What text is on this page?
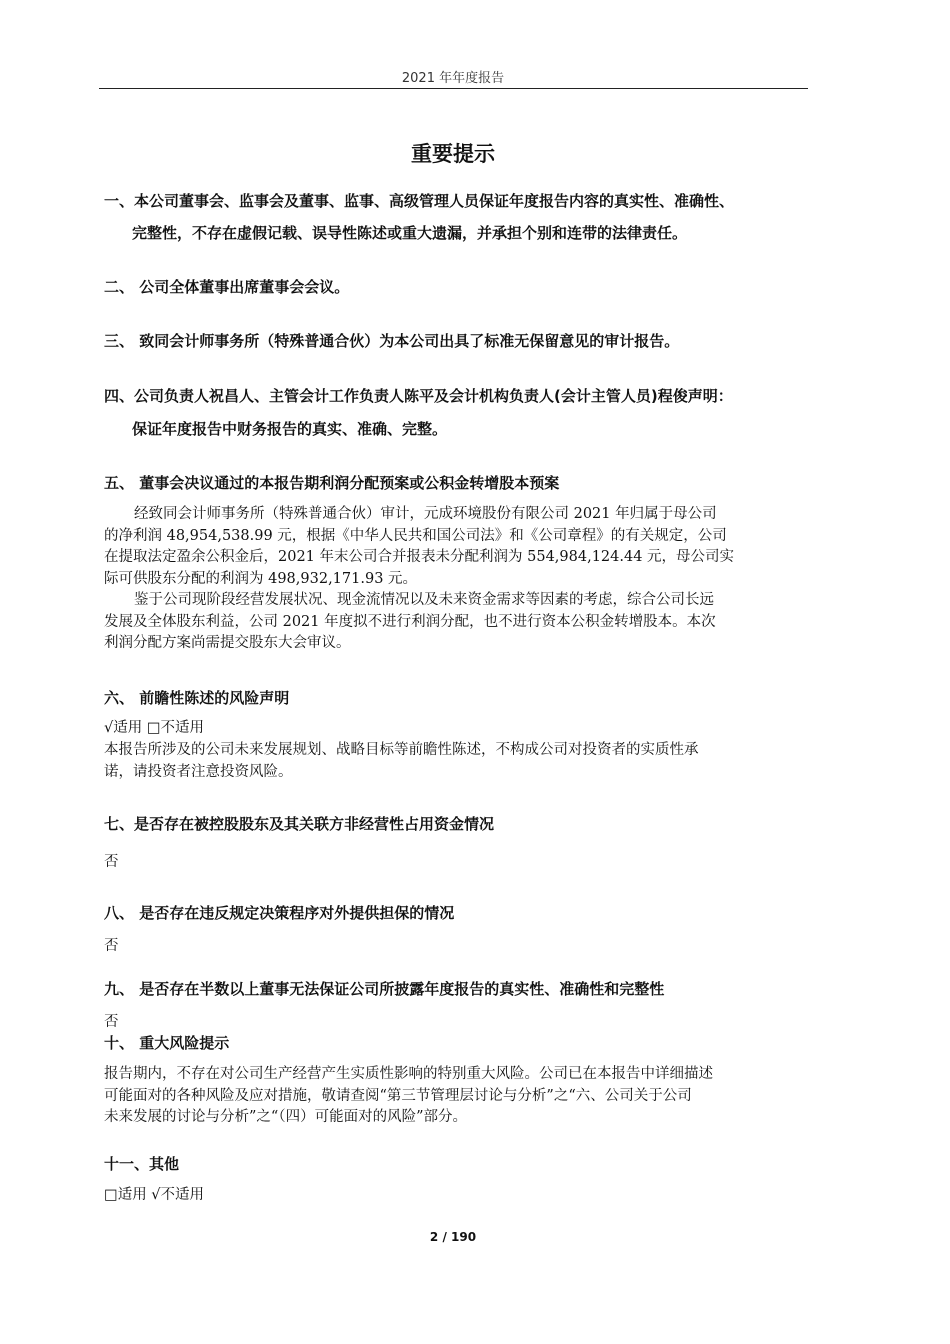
2021 年年度报告
重要提示
一、本公司董事会、监事会及董事、监事、高级管理人员保证年度报告内容的真实性、准确性、
完整性，不存在虚假记载、误导性陈述或重大遗漏，并承担个别和连带的法律责任。
二、 公司全体董事出席董事会会议。
三、 致同会计师事务所（特殊普通合伙）为本公司出具了标准无保留意见的审计报告。
四、公司负责人祝昌人、主管会计工作负责人陈平及会计机构负责人(会计主管人员)程俊声明：
保证年度报告中财务报告的真实、准确、完整。
五、 董事会决议通过的本报告期利润分配预案或公积金转增股本预案
经致同会计师事务所（特殊普通合伙）审计，元成环境股份有限公司 2021 年归属于母公司
的净利润 48,954,538.99 元，根据《中华人民共和国公司法》和《公司章程》的有关规定，公司
在提取法定盈余公积金后，2021 年末公司合并报表未分配利润为 554,984,124.44 元，母公司实
际可供股东分配的利润为 498,932,171.93 元。
鉴于公司现阶段经营发展状况、现金流情况以及未来资金需求等因素的考虑，综合公司长远
发展及全体股东利益，公司 2021 年度拟不进行利润分配，也不进行资本公积金转增股本。本次
利润分配方案尚需提交股东大会审议。
六、 前瞻性陈述的风险声明
√适用 □不适用
本报告所涉及的公司未来发展规划、战略目标等前瞻性陈述，不构成公司对投资者的实质性承
诺，请投资者注意投资风险。
七、是否存在被控股股东及其关联方非经营性占用资金情况
否
八、 是否存在违反规定决策程序对外提供担保的情况
否
九、 是否存在半数以上董事无法保证公司所披露年度报告的真实性、准确性和完整性
否
十、 重大风险提示
报告期内，不存在对公司生产经营产生实质性影响的特别重大风险。公司已在本报告中详细描述
可能面对的各种风险及应对措施，敬请查阅“第三节管理层讨论与分析”之“六、公司关于公司
未来发展的讨论与分析”之“（四）可能面对的风险”部分。
十一、其他
□适用 √不适用
2 / 190
